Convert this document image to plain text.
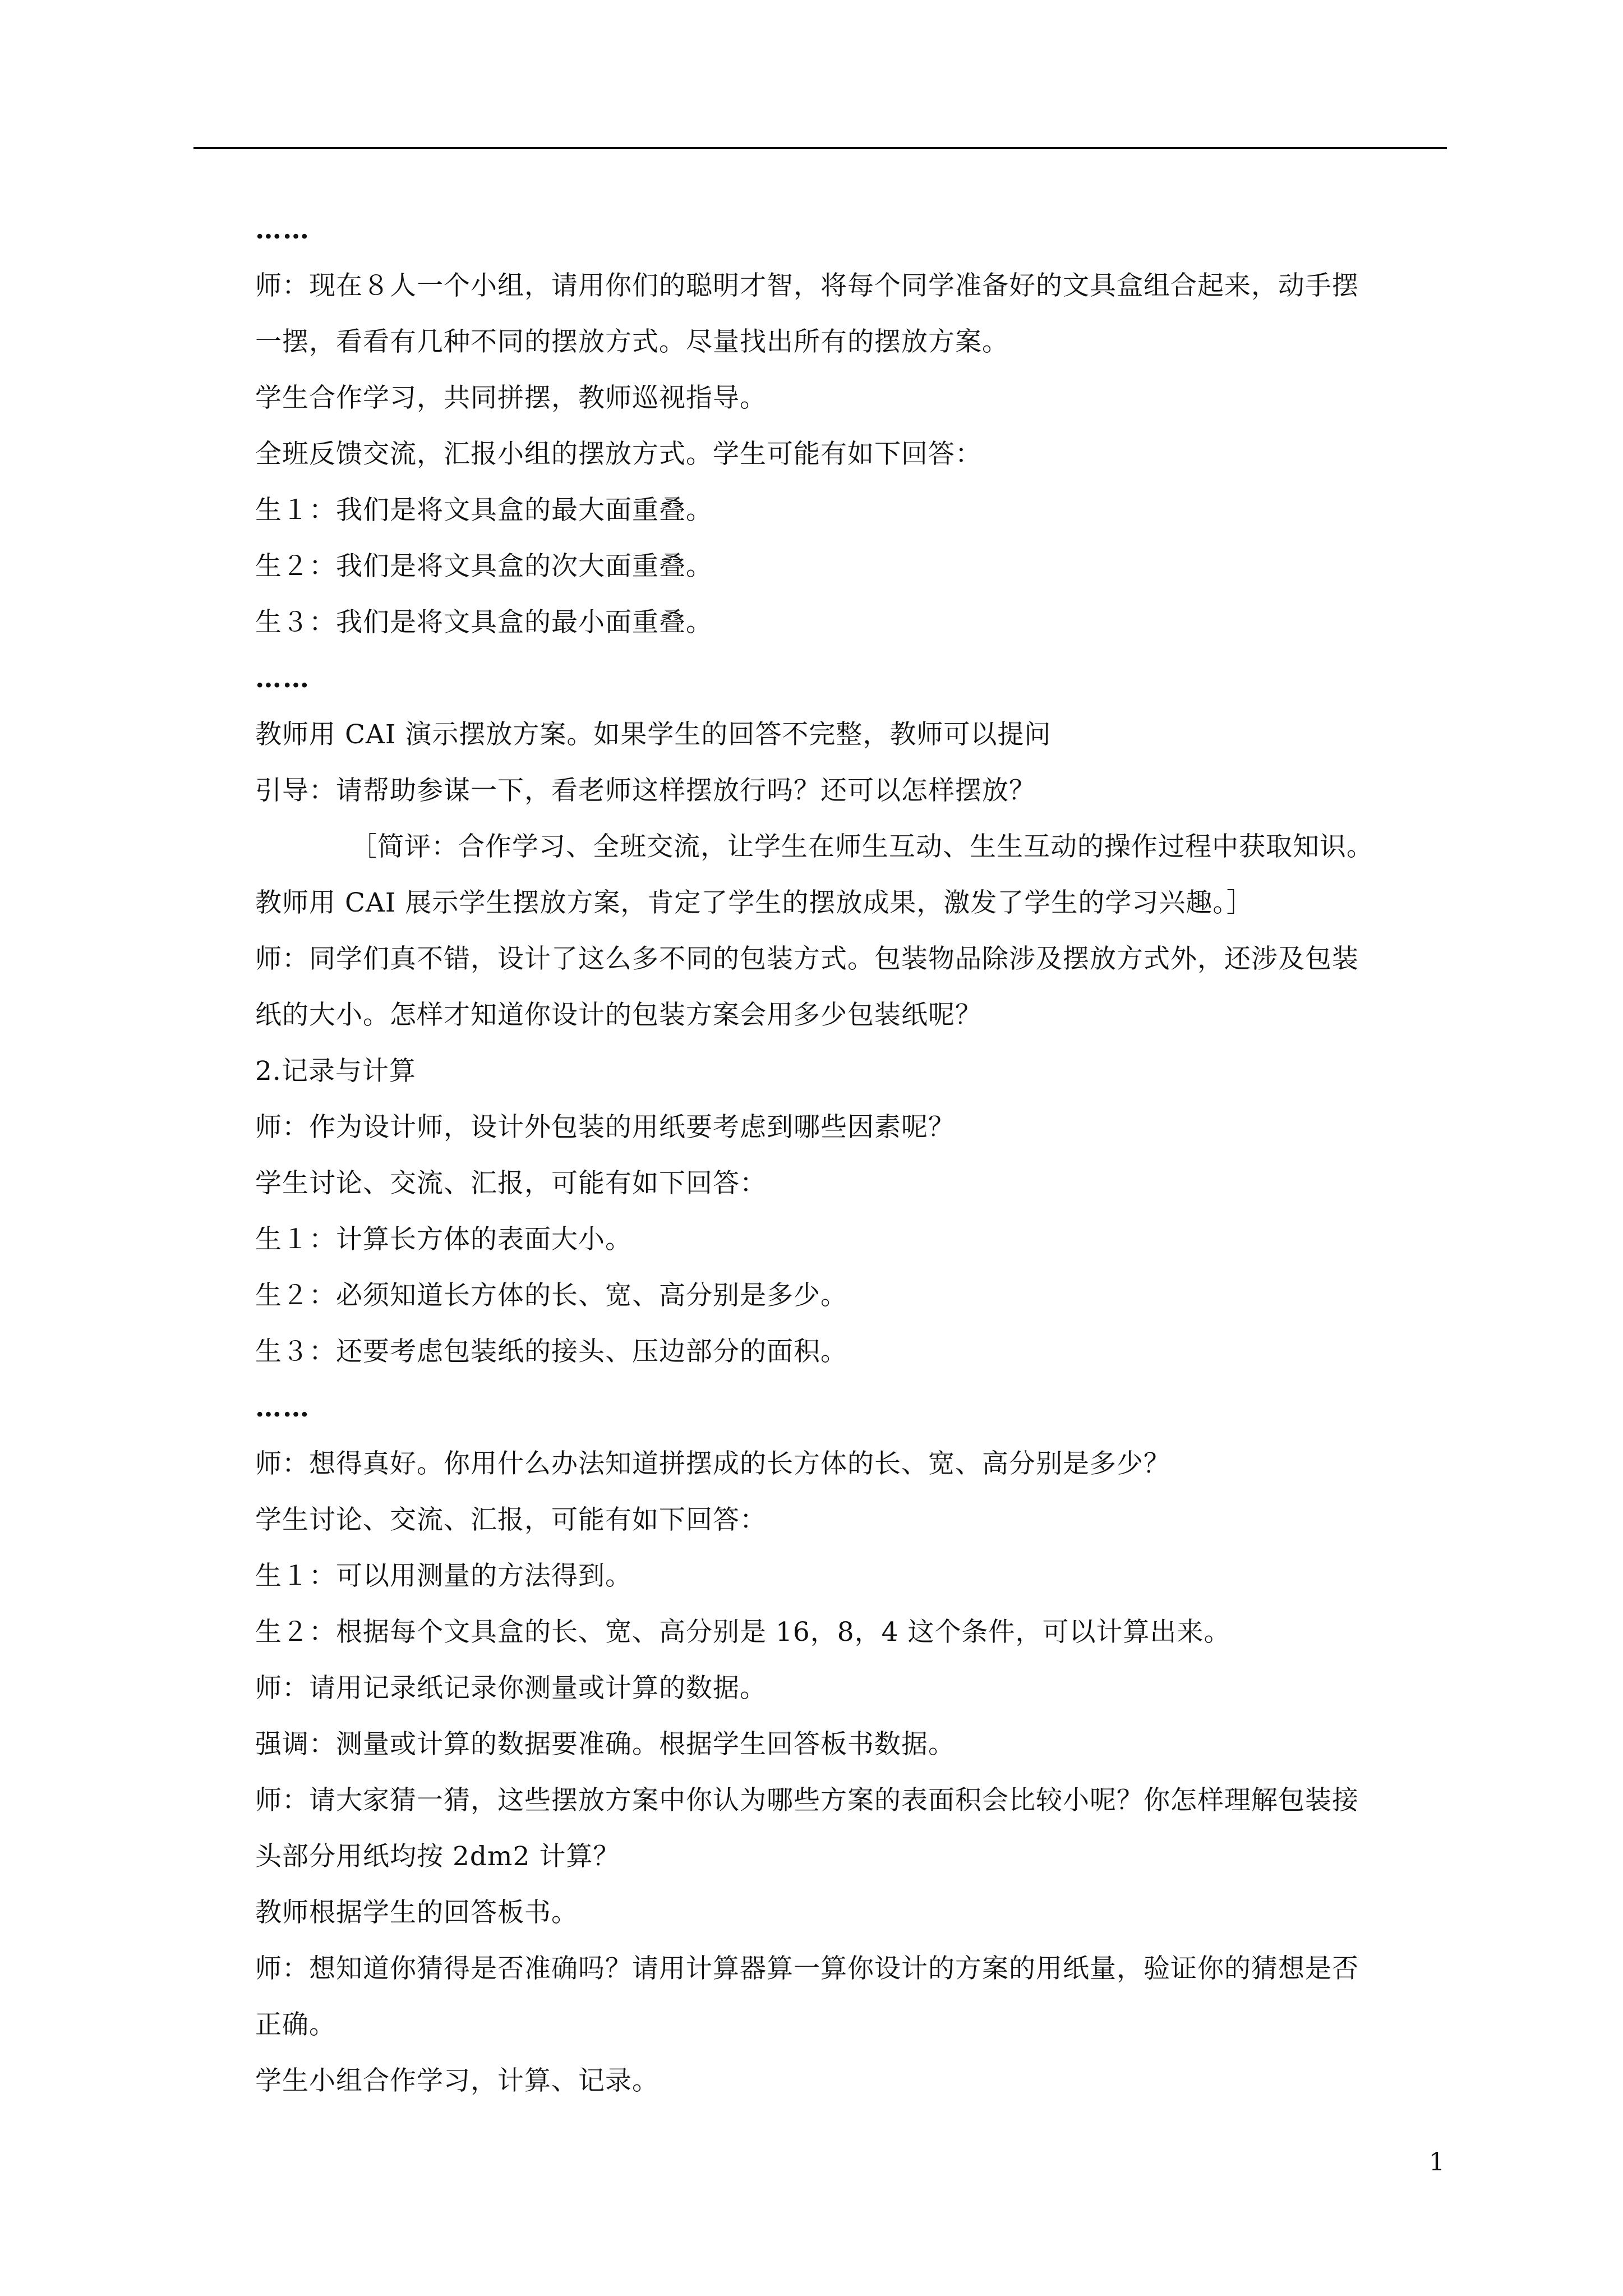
……
师：现在８人一个小组，请用你们的聪明才智，将每个同学准备好的文具盒组合起来，动手摆
一摆，看看有几种不同的摆放方式。尽量找出所有的摆放方案。
学生合作学习，共同拼摆，教师巡视指导。
全班反馈交流，汇报小组的摆放方式。学生可能有如下回答：
生１：我们是将文具盒的最大面重叠。
生２：我们是将文具盒的次大面重叠。
生３：我们是将文具盒的最小面重叠。
……
教师用 CAI 演示摆放方案。如果学生的回答不完整，教师可以提问
引导：请帮助参谋一下，看老师这样摆放行吗？还可以怎样摆放？
［简评：合作学习、全班交流，让学生在师生互动、生生互动的操作过程中获取知识。
教师用 CAI 展示学生摆放方案，肯定了学生的摆放成果，激发了学生的学习兴趣。］
师：同学们真不错，设计了这么多不同的包装方式。包装物品除涉及摆放方式外，还涉及包装
纸的大小。怎样才知道你设计的包装方案会用多少包装纸呢？
2.记录与计算
师：作为设计师，设计外包装的用纸要考虑到哪些因素呢？
学生讨论、交流、汇报，可能有如下回答：
生１：计算长方体的表面大小。
生２：必须知道长方体的长、宽、高分别是多少。
生３：还要考虑包装纸的接头、压边部分的面积。
……
师：想得真好。你用什么办法知道拼摆成的长方体的长、宽、高分别是多少？
学生讨论、交流、汇报，可能有如下回答：
生１：可以用测量的方法得到。
生２：根据每个文具盒的长、宽、高分别是 16，8，4 这个条件，可以计算出来。
师：请用记录纸记录你测量或计算的数据。
强调：测量或计算的数据要准确。根据学生回答板书数据。
师：请大家猜一猜，这些摆放方案中你认为哪些方案的表面积会比较小呢？你怎样理解包装接
头部分用纸均按 2dm2 计算？
教师根据学生的回答板书。
师：想知道你猜得是否准确吗？请用计算器算一算你设计的方案的用纸量，验证你的猜想是否
正确。
学生小组合作学习，计算、记录。
1
